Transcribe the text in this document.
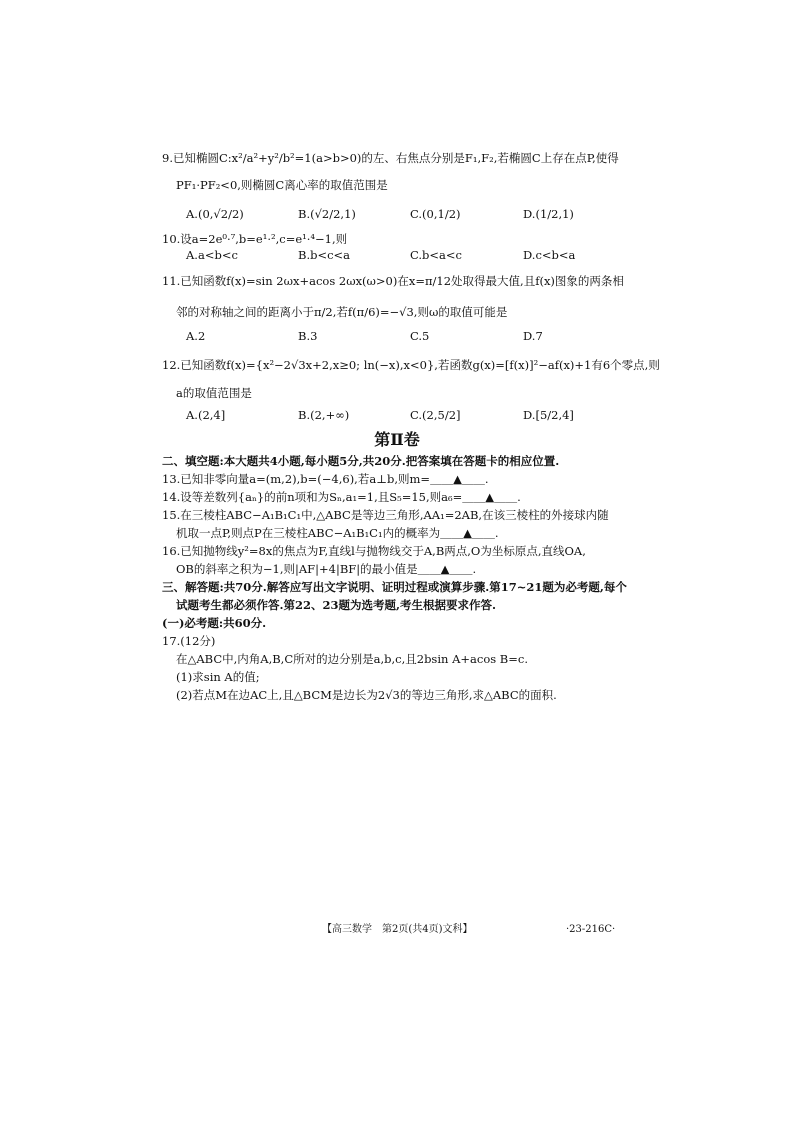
9.已知椭圆C:x²/a²+y²/b²=1(a>b>0)的左、右焦点分别是F₁,F₂,若椭圆C上存在点P,使得
PF₁·PF₂<0,则椭圆C离心率的取值范围是
A.(0,√2/2)	B.(√2/2,1)	C.(0,1/2)	D.(1/2,1)
10.设a=2e⁰·⁷,b=e¹·²,c=e¹·⁴−1,则
A.a<b<c	B.b<c<a	C.b<a<c	D.c<b<a
11.已知函数f(x)=sin 2ωx+acos 2ωx(ω>0)在x=π/12处取得最大值,且f(x)图象的两条相
邻的对称轴之间的距离小于π/2,若f(π/6)=−√3,则ω的取值可能是
A.2	B.3	C.5	D.7
12.已知函数f(x)={x²−2√3x+2,x≥0; ln(−x),x<0},若函数g(x)=[f(x)]²−af(x)+1有6个零点,则
a的取值范围是
A.(2,4]	B.(2,+∞)	C.(2,5/2]	D.[5/2,4]
第Ⅱ卷
二、填空题:本大题共4小题,每小题5分,共20分.把答案填在答题卡的相应位置.
13.已知非零向量a=(m,2),b=(−4,6),若a⊥b,则m=＿＿▲＿＿.
14.设等差数列{aₙ}的前n项和为Sₙ,a₁=1,且S₅=15,则a₆=＿＿▲＿＿.
15.在三棱柱ABC−A₁B₁C₁中,△ABC是等边三角形,AA₁=2AB,在该三棱柱的外接球内随
机取一点P,则点P在三棱柱ABC−A₁B₁C₁内的概率为＿＿▲＿＿.
16.已知抛物线y²=8x的焦点为F,直线l与抛物线交于A,B两点,O为坐标原点,直线OA,
OB的斜率之积为−1,则|AF|+4|BF|的最小值是＿＿▲＿＿.
三、解答题:共70分.解答应写出文字说明、证明过程或演算步骤.第17~21题为必考题,每个
试题考生都必须作答.第22、23题为选考题,考生根据要求作答.
(一)必考题:共60分.
17.(12分)
在△ABC中,内角A,B,C所对的边分别是a,b,c,且2bsin A+acos B=c.
(1)求sin A的值;
(2)若点M在边AC上,且△BCM是边长为2√3的等边三角形,求△ABC的面积.
【高三数学　第2页(共4页)文科】	·23-216C·
